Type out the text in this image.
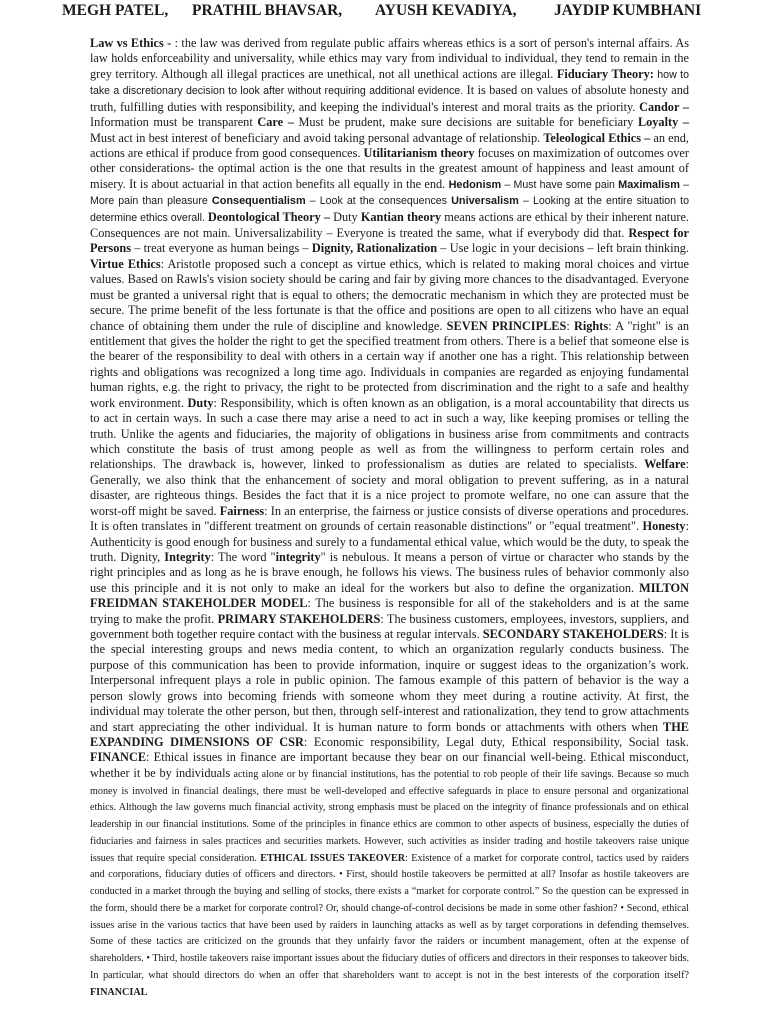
MEGH PATEL, PRATHIL BHAVSAR, AYUSH KEVADIYA, JAYDIP KUMBHANI
Law vs Ethics - : the law was derived from regulate public affairs whereas ethics is a sort of person's internal affairs. As law holds enforceability and universality, while ethics may vary from individual to individual, they tend to remain in the grey territory. Although all illegal practices are unethical, not all unethical actions are illegal. Fiduciary Theory: how to take a discretionary decision to look after without requiring additional evidence. It is based on values of absolute honesty and truth, fulfilling duties with responsibility, and keeping the individual's interest and moral traits as the priority. Candor – Information must be transparent Care – Must be prudent, make sure decisions are suitable for beneficiary Loyalty – Must act in best interest of beneficiary and avoid taking personal advantage of relationship. Teleological Ethics – an end, actions are ethical if produce from good consequences. Utilitarianism theory focuses on maximization of outcomes over other considerations- the optimal action is the one that results in the greatest amount of happiness and least amount of misery. It is about actuarial in that action benefits all equally in the end. Hedonism – Must have some pain Maximalism – More pain than pleasure Consequentialism – Look at the consequences Universalism – Looking at the entire situation to determine ethics overall. Deontological Theory – Duty Kantian theory means actions are ethical by their inherent nature. Consequences are not main. Universalizability – Everyone is treated the same, what if everybody did that. Respect for Persons – treat everyone as human beings – Dignity, Rationalization – Use logic in your decisions – left brain thinking. Virtue Ethics: Aristotle proposed such a concept as virtue ethics, which is related to making moral choices and virtue values. Based on Rawls's vision society should be caring and fair by giving more chances to the disadvantaged. Everyone must be granted a universal right that is equal to others; the democratic mechanism in which they are protected must be secure. The prime benefit of the less fortunate is that the office and positions are open to all citizens who have an equal chance of obtaining them under the rule of discipline and knowledge. SEVEN PRINCIPLES: Rights: A "right" is an entitlement that gives the holder the right to get the specified treatment from others. There is a belief that someone else is the bearer of the responsibility to deal with others in a certain way if another one has a right. This relationship between rights and obligations was recognized a long time ago. Individuals in companies are regarded as enjoying fundamental human rights, e.g. the right to privacy, the right to be protected from discrimination and the right to a safe and healthy work environment. Duty: Responsibility, which is often known as an obligation, is a moral accountability that directs us to act in certain ways. In such a case there may arise a need to act in such a way, like keeping promises or telling the truth. Unlike the agents and fiduciaries, the majority of obligations in business arise from commitments and contracts which constitute the basis of trust among people as well as from the willingness to perform certain roles and relationships. The drawback is, however, linked to professionalism as duties are related to specialists. Welfare: Generally, we also think that the enhancement of society and moral obligation to prevent suffering, as in a natural disaster, are righteous things. Besides the fact that it is a nice project to promote welfare, no one can assure that the worst-off might be saved. Fairness: In an enterprise, the fairness or justice consists of diverse operations and procedures. It is often translates in "different treatment on grounds of certain reasonable distinctions" or "equal treatment". Honesty: Authenticity is good enough for business and surely to a fundamental ethical value, which would be the duty, to speak the truth. Dignity, Integrity: The word "integrity" is nebulous. It means a person of virtue or character who stands by the right principles and as long as he is brave enough, he follows his views. The business rules of behavior commonly also use this principle and it is not only to make an ideal for the workers but also to define the organization. MILTON FREIDMAN STAKEHOLDER MODEL: The business is responsible for all of the stakeholders and is at the same trying to make the profit. PRIMARY STAKEHOLDERS: The business customers, employees, investors, suppliers, and government both together require contact with the business at regular intervals. SECONDARY STAKEHOLDERS: It is the special interesting groups and news media content, to which an organization regularly conducts business. The purpose of this communication has been to provide information, inquire or suggest ideas to the organization’s work. Interpersonal infrequent plays a role in public opinion. The famous example of this pattern of behavior is the way a person slowly grows into becoming friends with someone whom they meet during a routine activity. At first, the individual may tolerate the other person, but then, through self-interest and rationalization, they tend to grow attachments and start appreciating the other individual. It is human nature to form bonds or attachments with others when THE EXPANDING DIMENSIONS OF CSR: Economic responsibility, Legal duty, Ethical responsibility, Social task. FINANCE: Ethical issues in finance are important because they bear on our financial well-being. Ethical misconduct, whether it be by individuals acting alone or by financial institutions, has the potential to rob people of their life savings. Because so much money is involved in financial dealings, there must be well-developed and effective safeguards in place to ensure personal and organizational ethics. Although the law governs much financial activity, strong emphasis must be placed on the integrity of finance professionals and on ethical leadership in our financial institutions. Some of the principles in finance ethics are common to other aspects of business, especially the duties of fiduciaries and fairness in sales practices and securities markets. However, such activities as insider trading and hostile takeovers raise unique issues that require special consideration. ETHICAL ISSUES TAKEOVER: Existence of a market for corporate control, tactics used by raiders and corporations, fiduciary duties of officers and directors. • First, should hostile takeovers be permitted at all? Insofar as hostile takeovers are conducted in a market through the buying and selling of stocks, there exists a “market for corporate control.” So the question can be expressed in the form, should there be a market for corporate control? Or, should change-of-control decisions be made in some other fashion? • Second, ethical issues arise in the various tactics that have been used by raiders in launching attacks as well as by target corporations in defending themselves. Some of these tactics are criticized on the grounds that they unfairly favor the raiders or incumbent management, often at the expense of shareholders. • Third, hostile takeovers raise important issues about the fiduciary duties of officers and directors in their responses to takeover bids. In particular, what should directors do when an offer that shareholders want to accept is not in the best interests of the corporation itself? FINANCIAL
